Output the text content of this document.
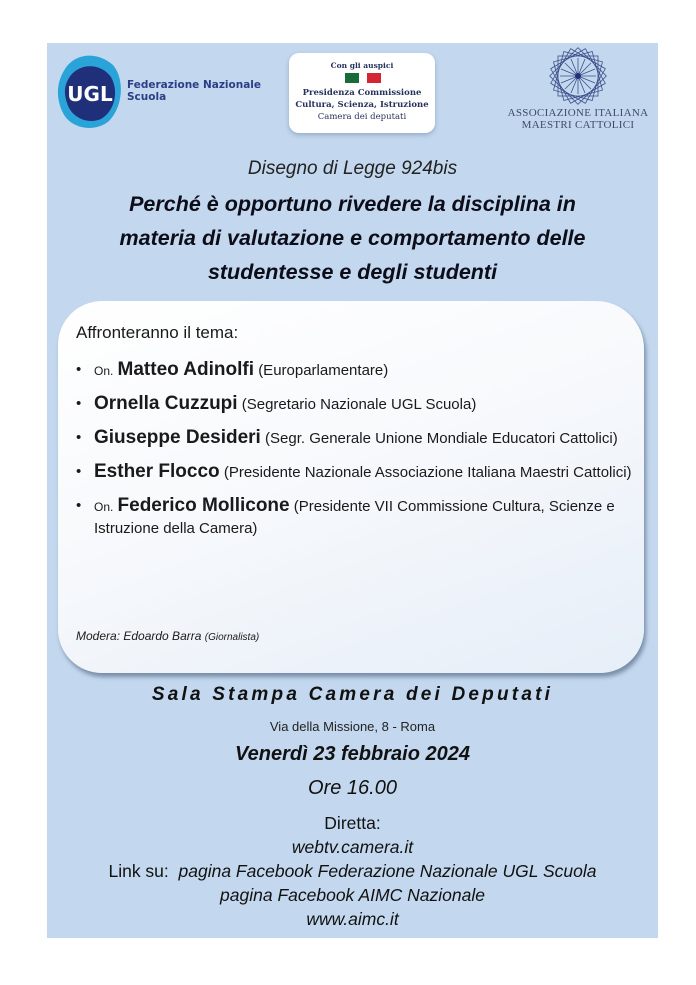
UGL Federazione Nazionale
Scuola
Con gli auspici
Presidenza Commissione
Cultura, Scienza, Istruzione
Camera dei deputati	ASSOCIAZIONE ITALIANA
MAESTRI CATTOLICI
Disegno di Legge 924bis
Perché è opportuno rivedere la disciplina in
materia di valutazione e comportamento delle
studentesse e degli studenti
Affronteranno il tema:
• On. Matteo Adinolfi (Europarlamentare)
• Ornella Cuzzupi (Segretario Nazionale UGL Scuola)
• Giuseppe Desideri (Segr. Generale Unione Mondiale Educatori Cattolici)
• Esther Flocco (Presidente Nazionale Associazione Italiana Maestri Cattolici)
• On. Federico Mollicone (Presidente VII Commissione Cultura, Scienze e Istruzione della Camera)
Modera: Edoardo Barra (Giornalista)
Sala Stampa Camera dei Deputati
Via della Missione, 8 - Roma
Venerdì 23 febbraio 2024
Ore 16.00
Diretta:
webtv.camera.it
Link su: pagina Facebook Federazione Nazionale UGL Scuola
pagina Facebook AIMC Nazionale
www.aimc.it
